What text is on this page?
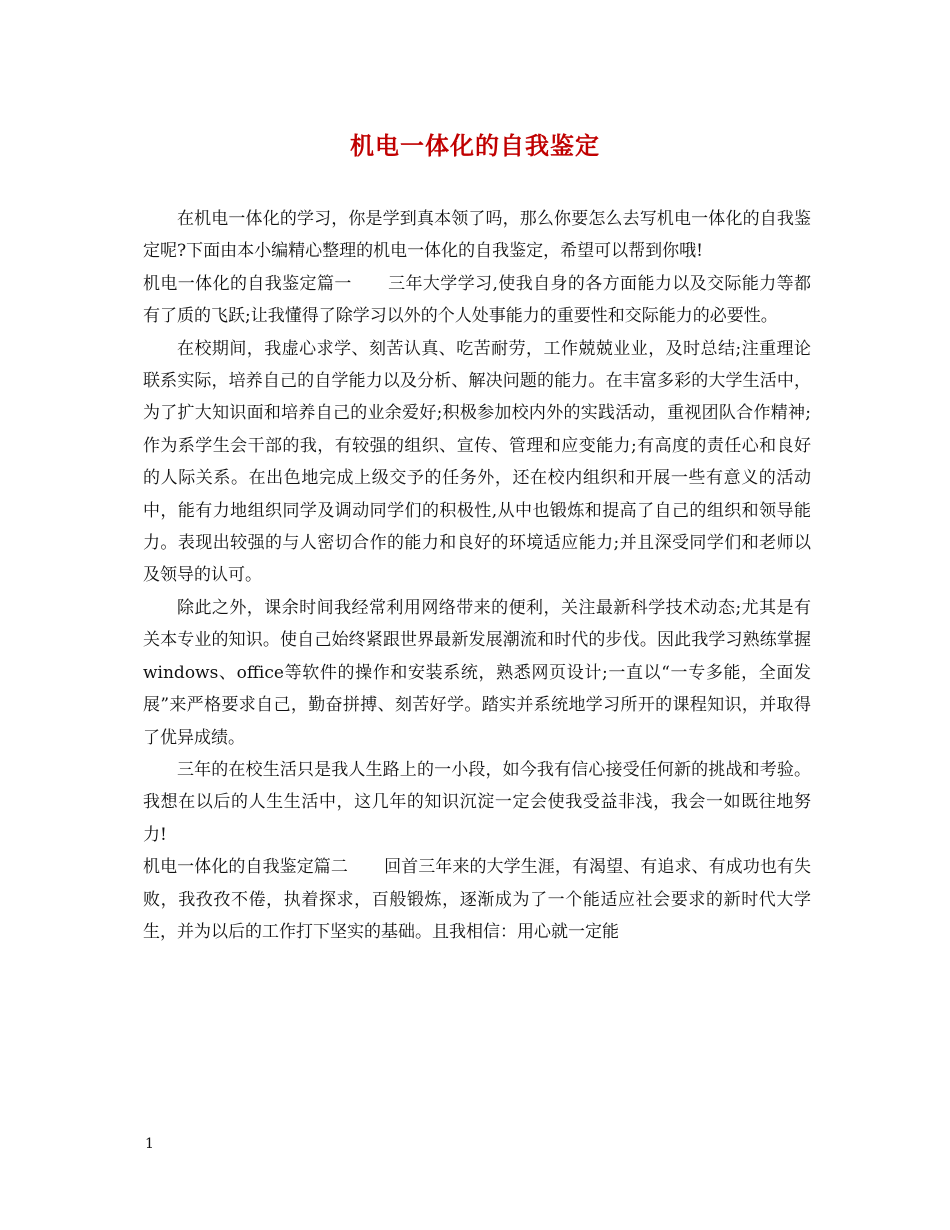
机电一体化的自我鉴定

在机电一体化的学习，你是学到真本领了吗，那么你要怎么去写机电一体化的自我鉴定呢?下面由本小编精心整理的机电一体化的自我鉴定，希望可以帮到你哦!

机电一体化的自我鉴定篇一 三年大学学习,使我自身的各方面能力以及交际能力等都有了质的飞跃;让我懂得了除学习以外的个人处事能力的重要性和交际能力的必要性。

在校期间，我虚心求学、刻苦认真、吃苦耐劳，工作兢兢业业，及时总结;注重理论联系实际，培养自己的自学能力以及分析、解决问题的能力。在丰富多彩的大学生活中，为了扩大知识面和培养自己的业余爱好;积极参加校内外的实践活动，重视团队合作精神;作为系学生会干部的我，有较强的组织、宣传、管理和应变能力;有高度的责任心和良好的人际关系。在出色地完成上级交予的任务外，还在校内组织和开展一些有意义的活动中，能有力地组织同学及调动同学们的积极性,从中也锻炼和提高了自己的组织和领导能力。表现出较强的与人密切合作的能力和良好的环境适应能力;并且深受同学们和老师以及领导的认可。

除此之外，课余时间我经常利用网络带来的便利，关注最新科学技术动态;尤其是有关本专业的知识。使自己始终紧跟世界最新发展潮流和时代的步伐。因此我学习熟练掌握windows、office等软件的操作和安装系统，熟悉网页设计;一直以“一专多能，全面发展”来严格要求自己，勤奋拼搏、刻苦好学。踏实并系统地学习所开的课程知识，并取得了优异成绩。

三年的在校生活只是我人生路上的一小段，如今我有信心接受任何新的挑战和考验。我想在以后的人生生活中，这几年的知识沉淀一定会使我受益非浅，我会一如既往地努力!

机电一体化的自我鉴定篇二 回首三年来的大学生涯，有渴望、有追求、有成功也有失败，我孜孜不倦，执着探求，百般锻炼，逐渐成为了一个能适应社会要求的新时代大学生，并为以后的工作打下坚实的基础。且我相信：用心就一定能

1
